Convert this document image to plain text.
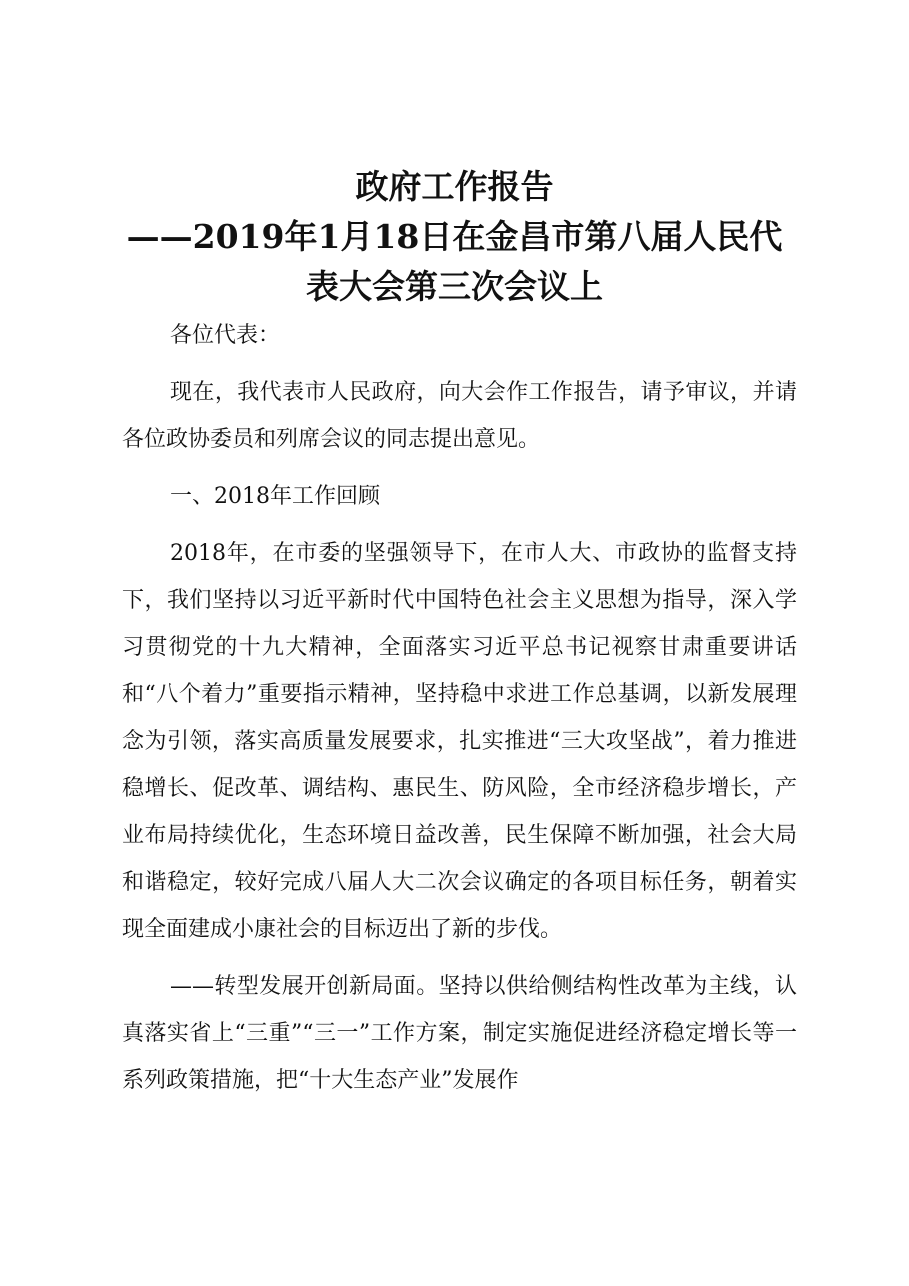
政府工作报告
——2019年1月18日在金昌市第八届人民代
表大会第三次会议上

各位代表：

现在，我代表市人民政府，向大会作工作报告，请予审议，并请各位政协委员和列席会议的同志提出意见。

一、2018年工作回顾

2018年，在市委的坚强领导下，在市人大、市政协的监督支持下，我们坚持以习近平新时代中国特色社会主义思想为指导，深入学习贯彻党的十九大精神，全面落实习近平总书记视察甘肃重要讲话和“八个着力”重要指示精神，坚持稳中求进工作总基调，以新发展理念为引领，落实高质量发展要求，扎实推进“三大攻坚战”，着力推进稳增长、促改革、调结构、惠民生、防风险，全市经济稳步增长，产业布局持续优化，生态环境日益改善，民生保障不断加强，社会大局和谐稳定，较好完成八届人大二次会议确定的各项目标任务，朝着实现全面建成小康社会的目标迈出了新的步伐。

——转型发展开创新局面。坚持以供给侧结构性改革为主线，认真落实省上“三重”“三一”工作方案，制定实施促进经济稳定增长等一系列政策措施，把“十大生态产业”发展作
